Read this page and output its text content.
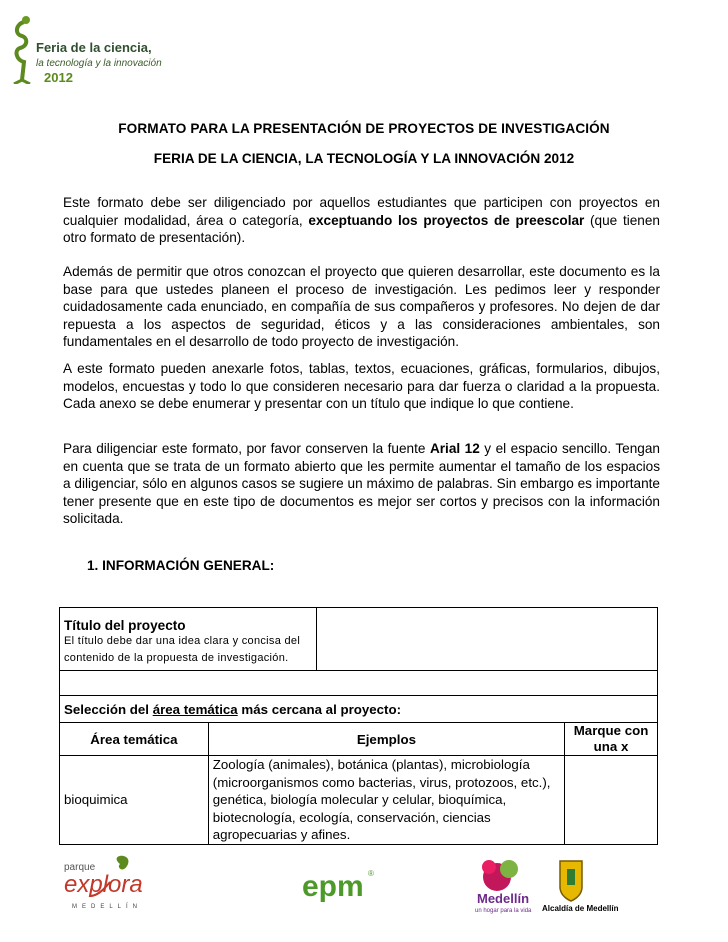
Feria de la ciencia,
la tecnología y la innovación
2012
FORMATO PARA LA PRESENTACIÓN DE PROYECTOS DE INVESTIGACIÓN
FERIA DE LA CIENCIA, LA TECNOLOGÍA Y LA INNOVACIÓN 2012

Este formato debe ser diligenciado por aquellos estudiantes que participen con proyectos en cualquier modalidad, área o categoría, exceptuando los proyectos de preescolar (que tienen otro formato de presentación).

Además de permitir que otros conozcan el proyecto que quieren desarrollar, este documento es la base para que ustedes planeen el proceso de investigación. Les pedimos leer y responder cuidadosamente cada enunciado, en compañía de sus compañeros y profesores. No dejen de dar repuesta a los aspectos de seguridad, éticos y a las consideraciones ambientales, son fundamentales en el desarrollo de todo proyecto de investigación.

A este formato pueden anexarle fotos, tablas, textos, ecuaciones, gráficas, formularios, dibujos, modelos, encuestas y todo lo que consideren necesario para dar fuerza o claridad a la propuesta. Cada anexo se debe enumerar y presentar con un título que indique lo que contiene.

Para diligenciar este formato, por favor conserven la fuente Arial 12 y el espacio sencillo. Tengan en cuenta que se trata de un formato abierto que les permite aumentar el tamaño de los espacios a diligenciar, sólo en algunos casos se sugiere un máximo de palabras. Sin embargo es importante tener presente que en este tipo de documentos es mejor ser cortos y precisos con la información solicitada.

1. INFORMACIÓN GENERAL:
Título del proyecto
El título debe dar una idea clara y concisa del contenido de la propuesta de investigación.			

Selección del área temática más cercana al proyecto:			
Área temática	Ejemplos		Marque con una x
bioquimica	Zoología (animales), botánica (plantas), microbiología (microorganismos como bacterias, virus, protozoos, etc.), genética, biología molecular y celular, bioquímica, biotecnología, ecología, conservación, ciencias agropecuarias y afines.		
parque
explora
MEDELLÍN
epm ®
Medellín
un hogar para la vida Alcaldía de Medellín
